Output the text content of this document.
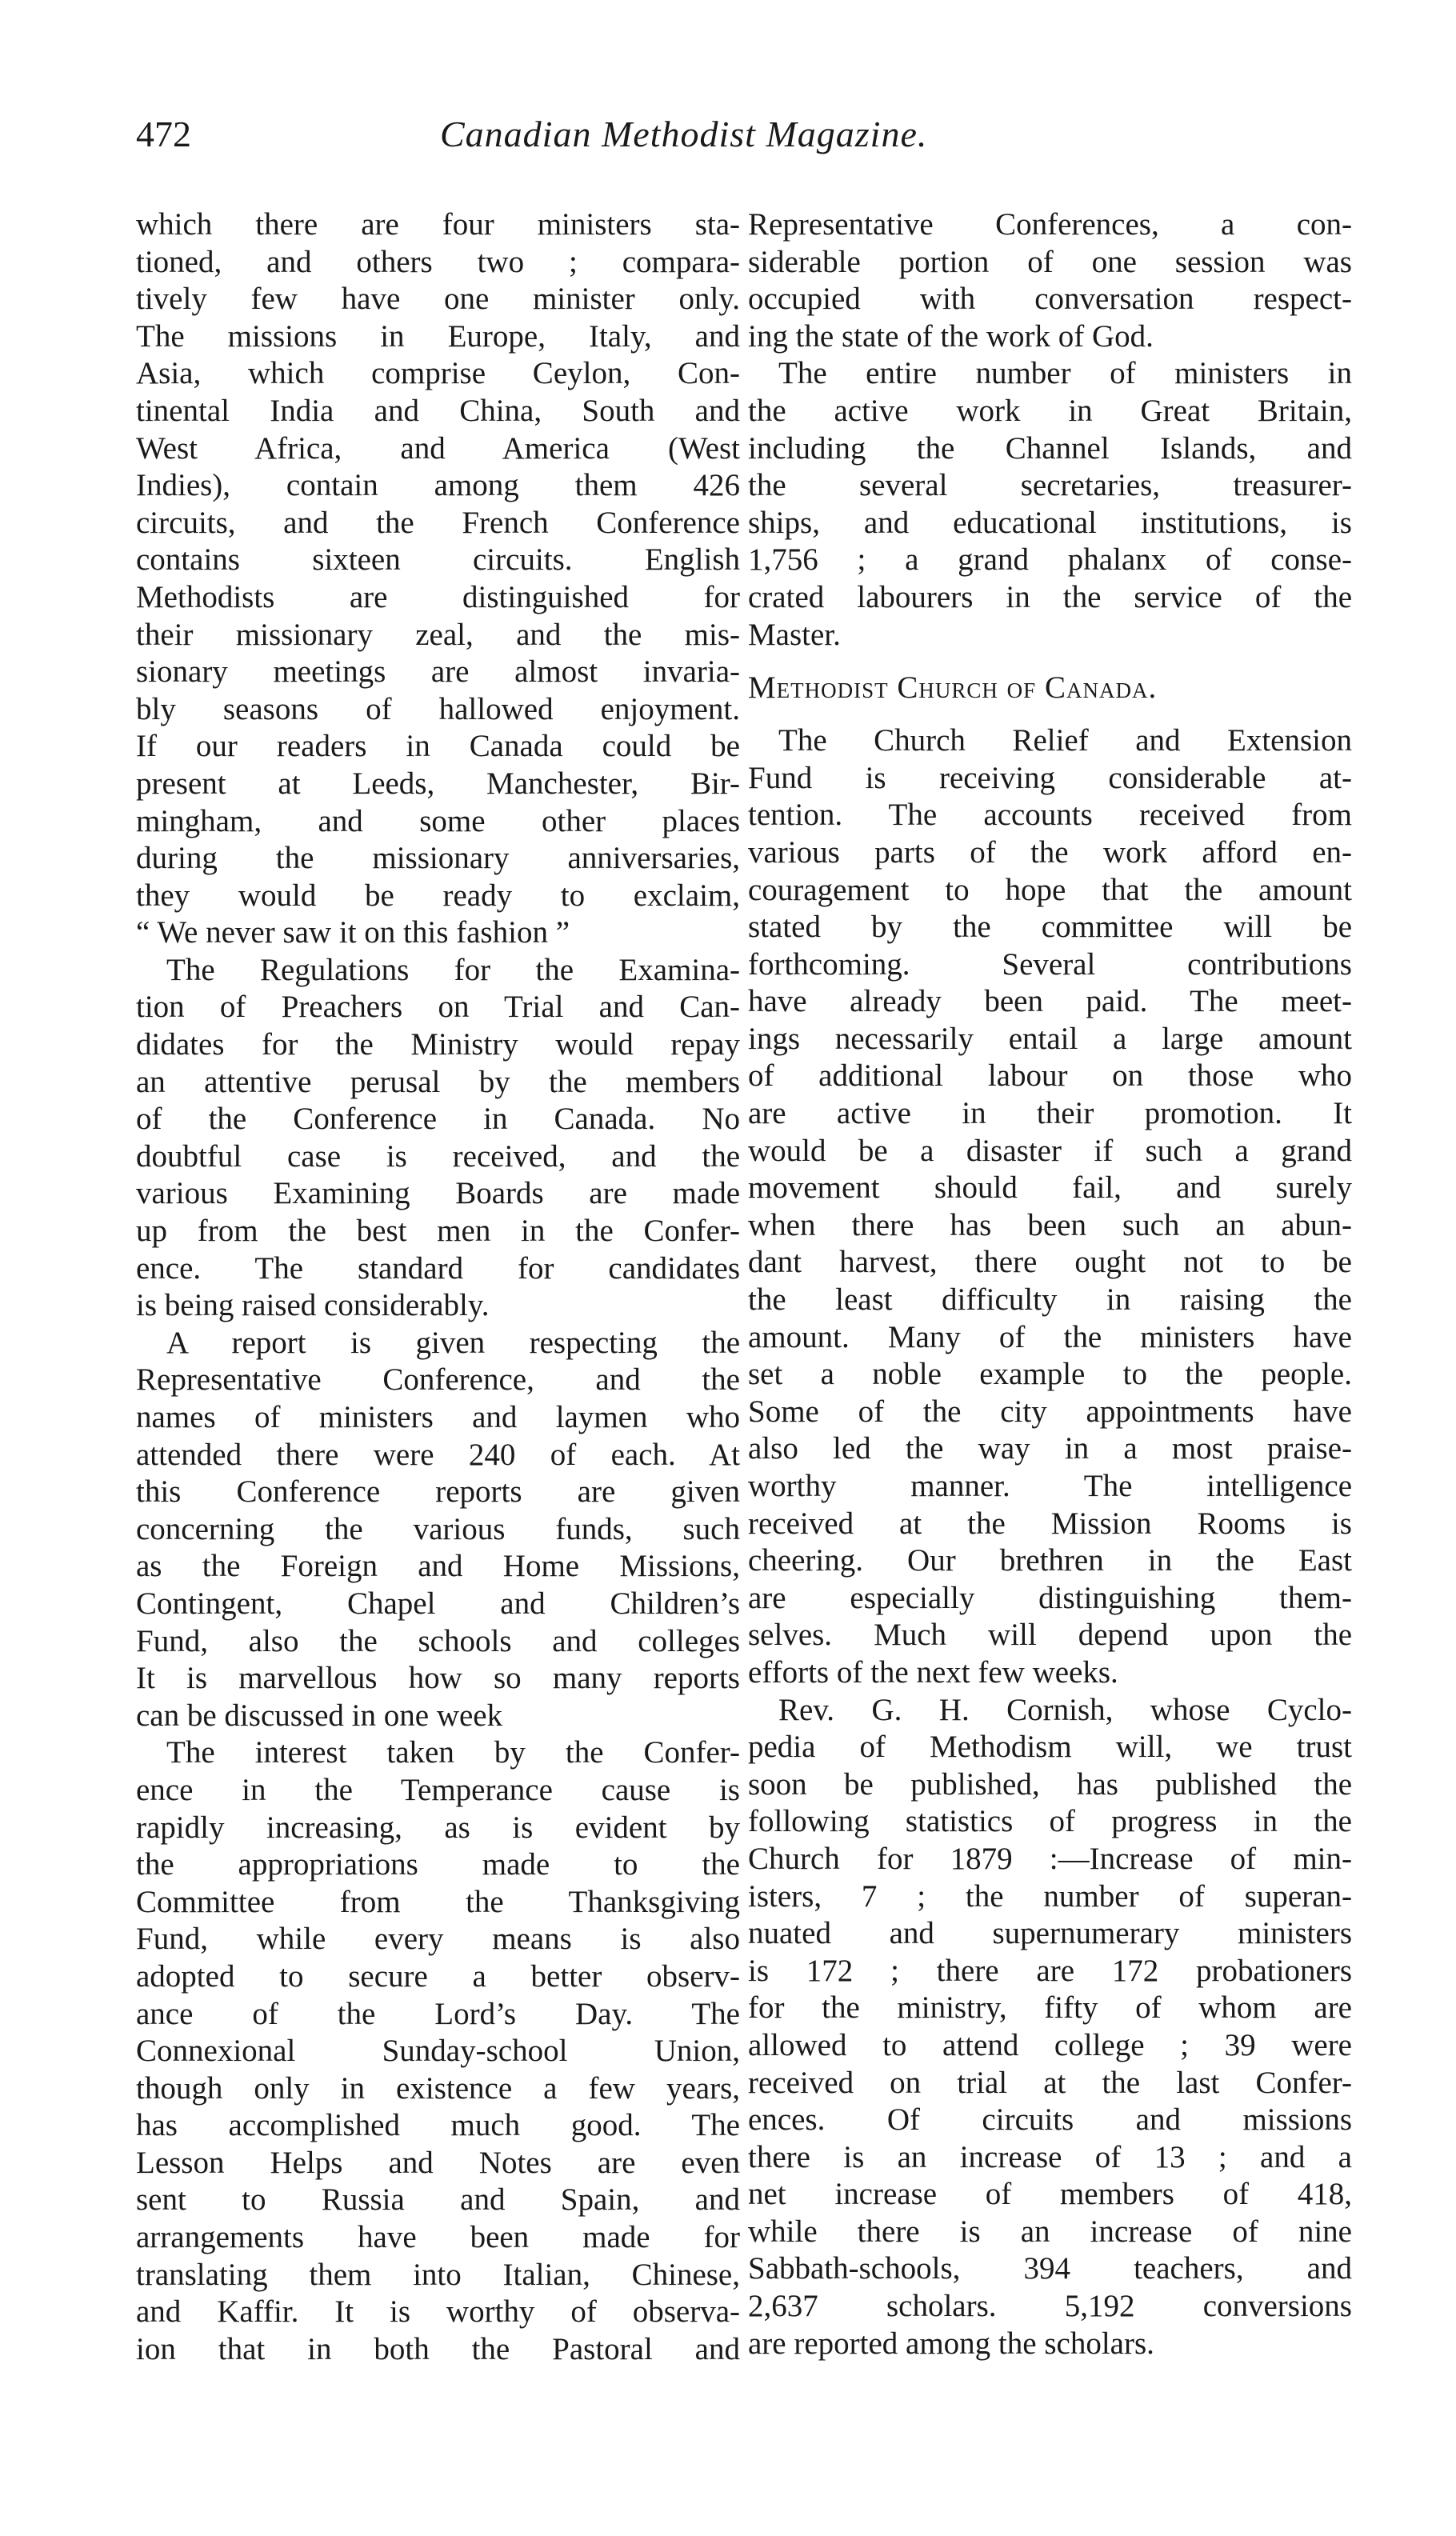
472	Canadian Methodist Magazine.
which there are four ministers sta-
tioned, and others two ; compara-
tively few have one minister only.
The missions in Europe, Italy, and
Asia, which comprise Ceylon, Con-
tinental India and China, South and
West Africa, and America (West
Indies), contain among them 426
circuits, and the French Conference
contains sixteen circuits. English
Methodists are distinguished for
their missionary zeal, and the mis-
sionary meetings are almost invaria-
bly seasons of hallowed enjoyment.
If our readers in Canada could be
present at Leeds, Manchester, Bir-
mingham, and some other places
during the missionary anniversaries,
they would be ready to exclaim,
“ We never saw it on this fashion ”
The Regulations for the Examina-
tion of Preachers on Trial and Can-
didates for the Ministry would repay
an attentive perusal by the members
of the Conference in Canada. No
doubtful case is received, and the
various Examining Boards are made
up from the best men in the Confer-
ence. The standard for candidates
is being raised considerably.
A report is given respecting the
Representative Conference, and the
names of ministers and laymen who
attended there were 240 of each. At
this Conference reports are given
concerning the various funds, such
as the Foreign and Home Missions,
Contingent, Chapel and Children’s
Fund, also the schools and colleges
It is marvellous how so many reports
can be discussed in one week
The interest taken by the Confer-
ence in the Temperance cause is
rapidly increasing, as is evident by
the appropriations made to the
Committee from the Thanksgiving
Fund, while every means is also
adopted to secure a better observ-
ance of the Lord’s Day. The
Connexional Sunday-school Union,
though only in existence a few years,
has accomplished much good. The
Lesson Helps and Notes are even
sent to Russia and Spain, and
arrangements have been made for
translating them into Italian, Chinese,
and Kaffir. It is worthy of observa-
ion that in both the Pastoral and
Representative Conferences, a con-
siderable portion of one session was
occupied with conversation respect-
ing the state of the work of God.
The entire number of ministers in
the active work in Great Britain,
including the Channel Islands, and
the several secretaries, treasurer-
ships, and educational institutions, is
1,756 ; a grand phalanx of conse-
crated labourers in the service of the
Master.
Methodist Church of Canada.
The Church Relief and Extension
Fund is receiving considerable at-
tention. The accounts received from
various parts of the work afford en-
couragement to hope that the amount
stated by the committee will be
forthcoming. Several contributions
have already been paid. The meet-
ings necessarily entail a large amount
of additional labour on those who
are active in their promotion. It
would be a disaster if such a grand
movement should fail, and surely
when there has been such an abun-
dant harvest, there ought not to be
the least difficulty in raising the
amount. Many of the ministers have
set a noble example to the people.
Some of the city appointments have
also led the way in a most praise-
worthy manner. The intelligence
received at the Mission Rooms is
cheering. Our brethren in the East
are especially distinguishing them-
selves. Much will depend upon the
efforts of the next few weeks.
Rev. G. H. Cornish, whose Cyclo-
pedia of Methodism will, we trust
soon be published, has published the
following statistics of progress in the
Church for 1879 :—Increase of min-
isters, 7 ; the number of superan-
nuated and supernumerary ministers
is 172 ; there are 172 probationers
for the ministry, fifty of whom are
allowed to attend college ; 39 were
received on trial at the last Confer-
ences. Of circuits and missions
there is an increase of 13 ; and a
net increase of members of 418,
while there is an increase of nine
Sabbath-schools, 394 teachers, and
2,637 scholars. 5,192 conversions
are reported among the scholars.
